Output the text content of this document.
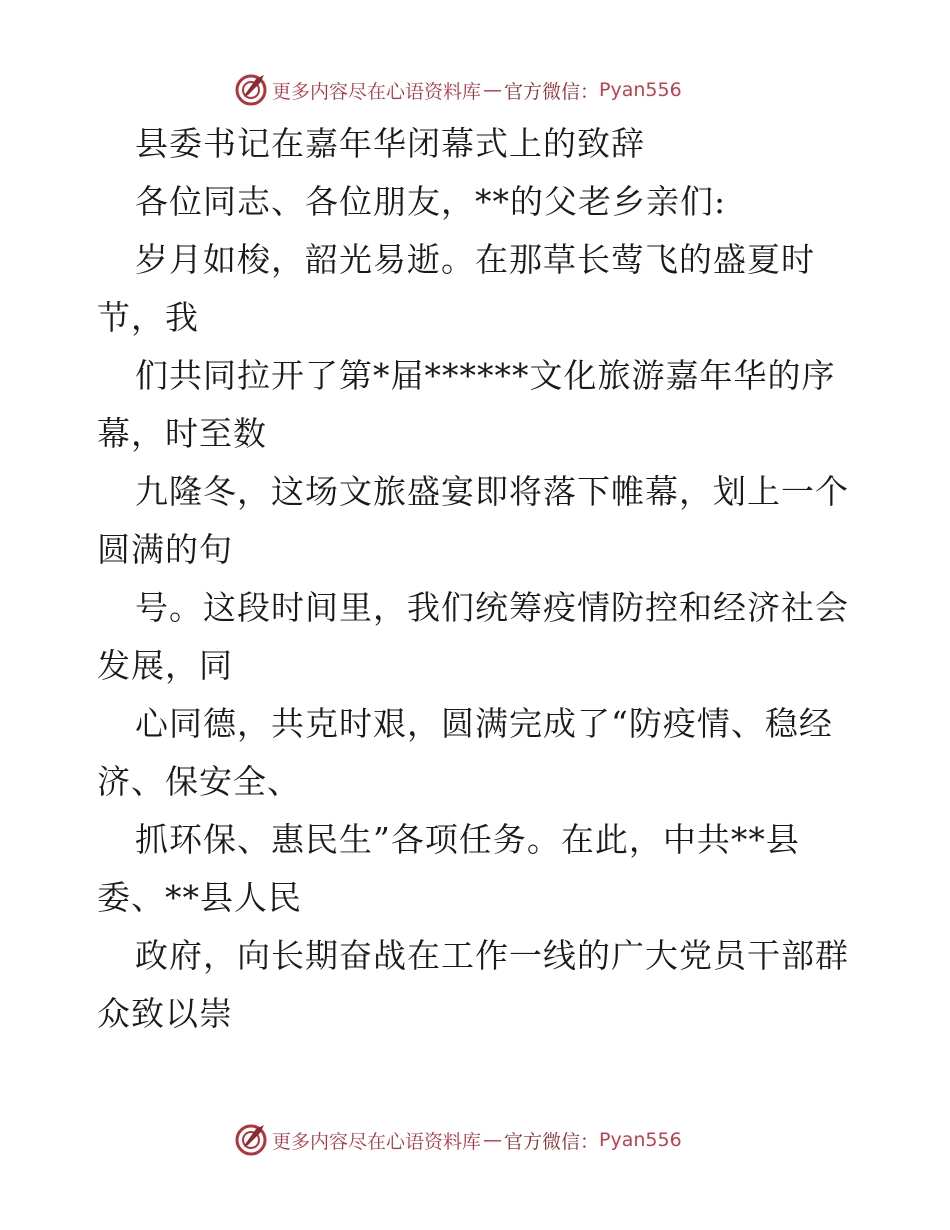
更多内容尽在心语资料库 — 官方微信： Pyan556
县委书记在嘉年华闭幕式上的致辞
各位同志、各位朋友，**的父老乡亲们:
岁月如梭，韶光易逝。在那草长莺飞的盛夏时
节，我
们共同拉开了第*届******文化旅游嘉年华的序
幕，时至数
九隆冬，这场文旅盛宴即将落下帷幕，划上一个
圆满的句
号。这段时间里，我们统筹疫情防控和经济社会
发展，同
心同德，共克时艰，圆满完成了“防疫情、稳经
济、保安全、
抓环保、惠民生”各项任务。在此，中共**县
委、**县人民
政府，向长期奋战在工作一线的广大党员干部群
众致以崇
更多内容尽在心语资料库 — 官方微信： Pyan556
